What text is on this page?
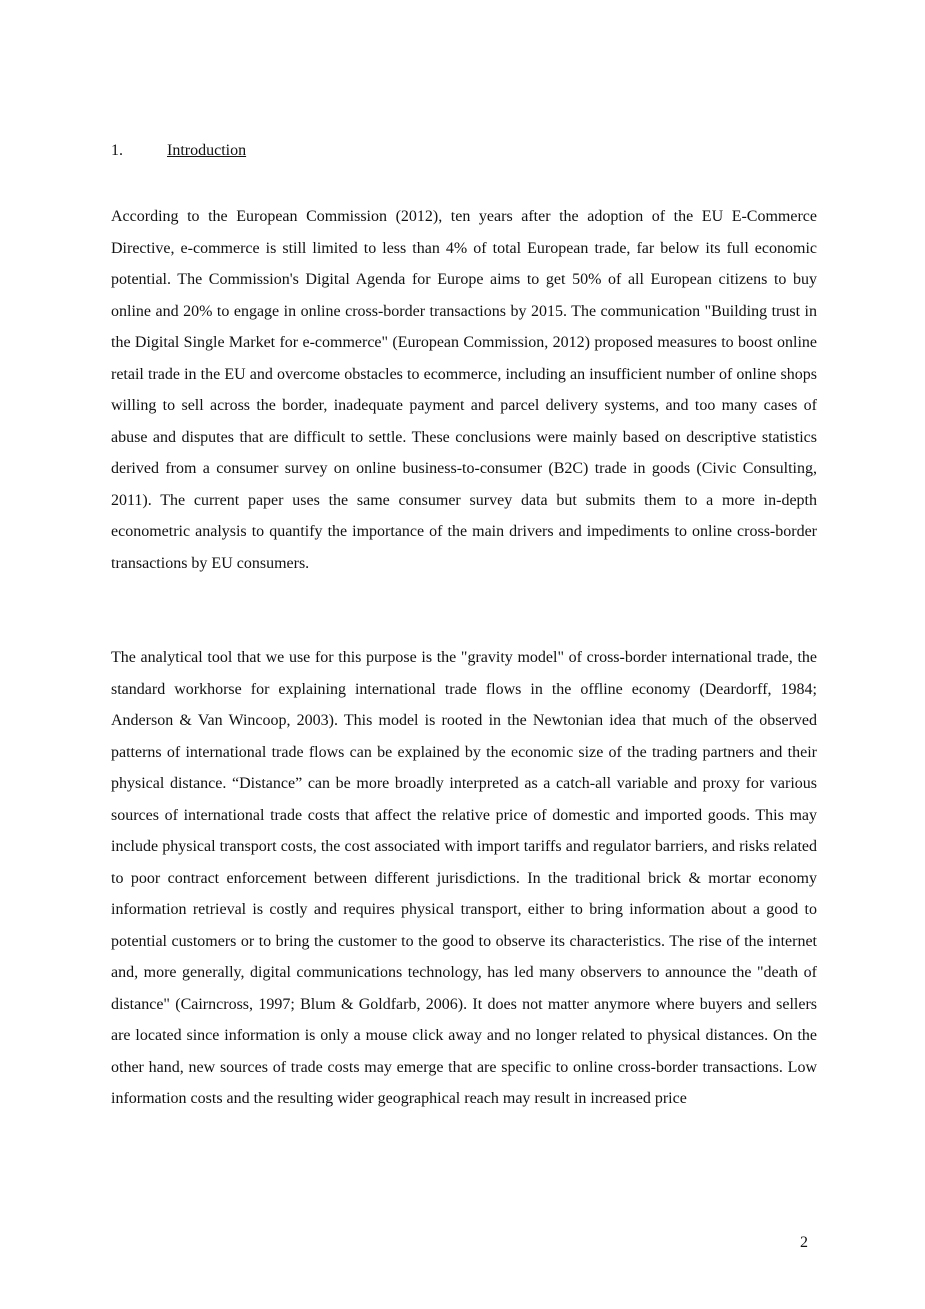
1.	Introduction

According to the European Commission (2012), ten years after the adoption of the EU E-Commerce Directive, e-commerce is still limited to less than 4% of total European trade, far below its full economic potential. The Commission's Digital Agenda for Europe aims to get 50% of all European citizens to buy online and 20% to engage in online cross-border transactions by 2015. The communication "Building trust in the Digital Single Market for e-commerce" (European Commission, 2012) proposed measures to boost online retail trade in the EU and overcome obstacles to ecommerce, including an insufficient number of online shops willing to sell across the border, inadequate payment and parcel delivery systems, and too many cases of abuse and disputes that are difficult to settle. These conclusions were mainly based on descriptive statistics derived from a consumer survey on online business-to-consumer (B2C) trade in goods (Civic Consulting, 2011). The current paper uses the same consumer survey data but submits them to a more in-depth econometric analysis to quantify the importance of the main drivers and impediments to online cross-border transactions by EU consumers.

The analytical tool that we use for this purpose is the "gravity model" of cross-border international trade, the standard workhorse for explaining international trade flows in the offline economy (Deardorff, 1984; Anderson & Van Wincoop, 2003). This model is rooted in the Newtonian idea that much of the observed patterns of international trade flows can be explained by the economic size of the trading partners and their physical distance. “Distance” can be more broadly interpreted as a catch-all variable and proxy for various sources of international trade costs that affect the relative price of domestic and imported goods. This may include physical transport costs, the cost associated with import tariffs and regulator barriers, and risks related to poor contract enforcement between different jurisdictions. In the traditional brick & mortar economy information retrieval is costly and requires physical transport, either to bring information about a good to potential customers or to bring the customer to the good to observe its characteristics. The rise of the internet and, more generally, digital communications technology, has led many observers to announce the "death of distance" (Cairncross, 1997; Blum & Goldfarb, 2006). It does not matter anymore where buyers and sellers are located since information is only a mouse click away and no longer related to physical distances. On the other hand, new sources of trade costs may emerge that are specific to online cross-border transactions. Low information costs and the resulting wider geographical reach may result in increased price

2
